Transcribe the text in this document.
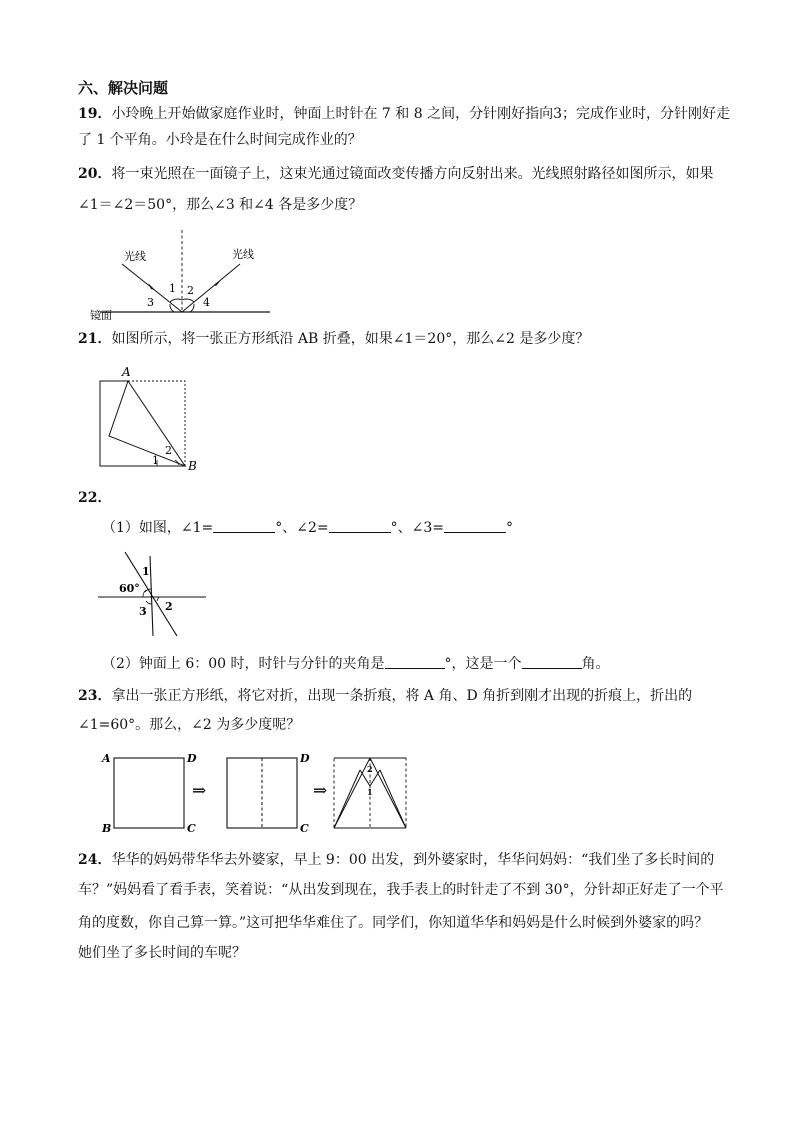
六、解决问题
19．小玲晚上开始做家庭作业时，钟面上时针在 7 和 8 之间，分针刚好指向3；完成作业时，分针刚好走
了 1 个平角。小玲是在什么时间完成作业的？
20．将一束光照在一面镜子上，这束光通过镜面改变传播方向反射出来。光线照射路径如图所示，如果
∠1＝∠2＝50°，那么∠3 和∠4 各是多少度？
光线	光线
1 2
3	4
镜面
21．如图所示，将一张正方形纸沿 AB 折叠，如果∠1＝20°，那么∠2 是多少度？
A
B
1
2
22．
（1）如图，∠1=	°、∠2=	°、∠3=	°
60°
1
2
3
（2）钟面上 6：00 时，时针与分针的夹角是	°，这是一个	角。
23．拿出一张正方形纸，将它对折，出现一条折痕，将 A 角、D 角折到刚才出现的折痕上，折出的
∠1=60°。那么，∠2 为多少度呢？
A	D
B	C
⇒
D
C
⇒
2
1
24．华华的妈妈带华华去外婆家，早上 9：00 出发，到外婆家时，华华问妈妈：“我们坐了多长时间的
车？”妈妈看了看手表，笑着说：“从出发到现在，我手表上的时针走了不到 30°，分针却正好走了一个平
角的度数，你自己算一算。”这可把华华难住了。同学们，你知道华华和妈妈是什么时候到外婆家的吗？
她们坐了多长时间的车呢？
